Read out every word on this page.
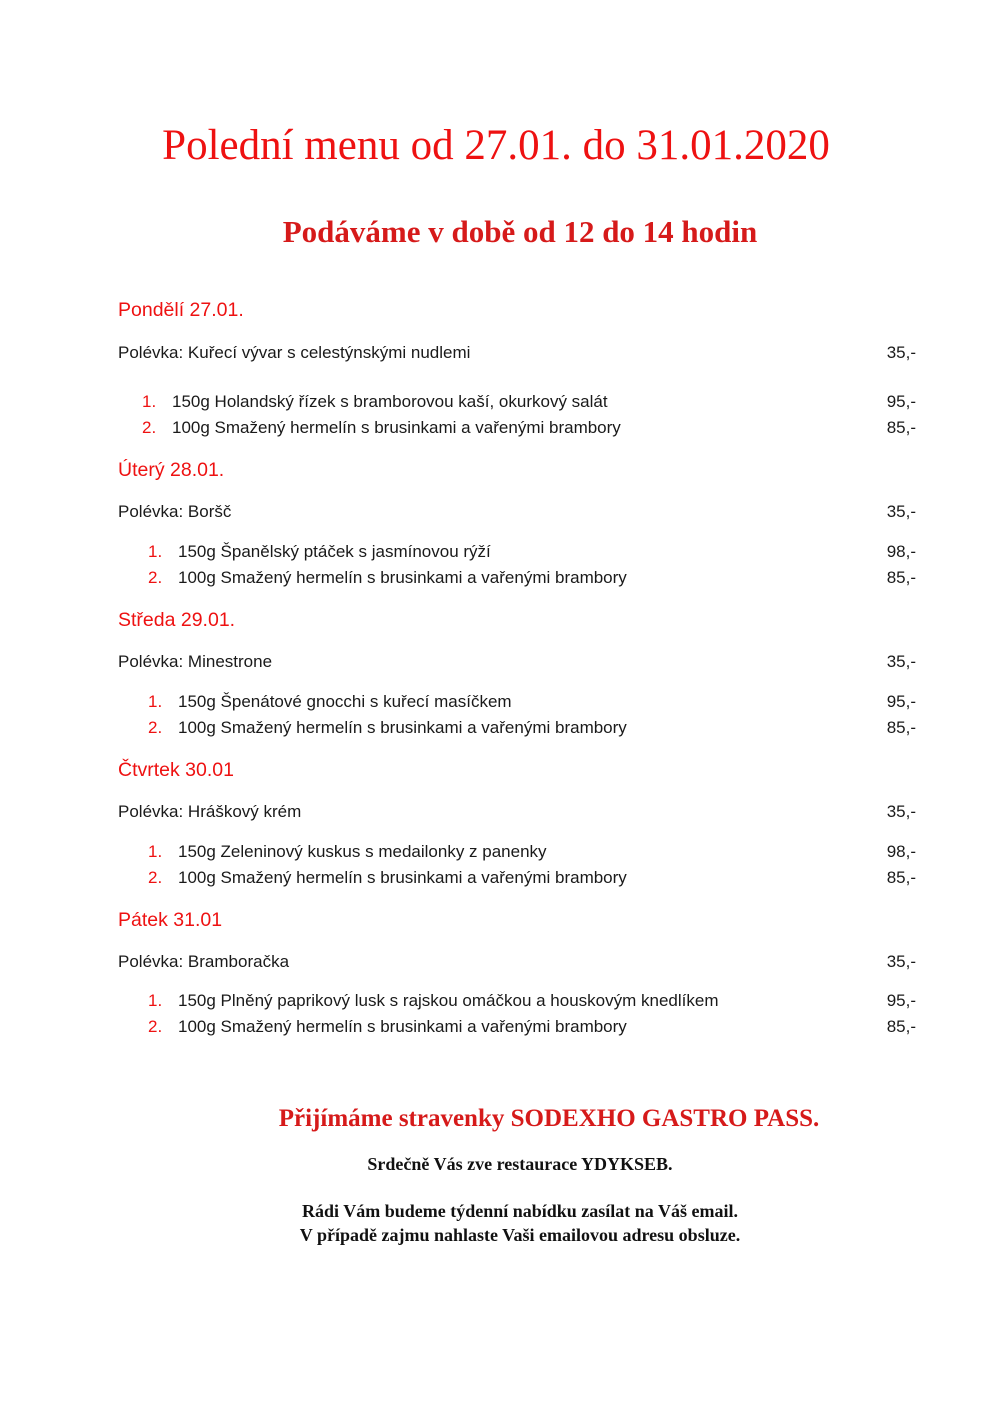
Polední menu od 27.01. do 31.01.2020
Podáváme v době od 12 do 14 hodin
Pondělí 27.01.
Polévka: Kuřecí vývar s celestýnskými nudlemi	35,-
1. 150g Holandský řízek s bramborovou kaší, okurkový salát	95,-
2. 100g Smažený hermelín s brusinkami a vařenými brambory	85,-
Úterý 28.01.
Polévka: Boršč	35,-
1. 150g Španělský ptáček s jasmínovou rýží	98,-
2. 100g Smažený hermelín s brusinkami a vařenými brambory	85,-
Středa 29.01.
Polévka: Minestrone	35,-
1. 150g Špenátové gnocchi s kuřecí masíčkem	95,-
2. 100g Smažený hermelín s brusinkami a vařenými brambory	85,-
Čtvrtek 30.01
Polévka: Hráškový krém	35,-
1. 150g Zeleninový kuskus s medailonky z panenky	98,-
2. 100g Smažený hermelín s brusinkami a vařenými brambory	85,-
Pátek 31.01
Polévka: Bramboračka	35,-
1. 150g Plněný paprikový lusk s rajskou omáčkou a houskovým knedlíkem	95,-
2. 100g Smažený hermelín s brusinkami a vařenými brambory	85,-
Přijímáme stravenky SODEXHO GASTRO PASS.
Srdečně Vás zve restaurace YDYKSEB.
Rádi Vám budeme týdenní nabídku zasílat na Váš email.
V případě zajmu nahlaste Vaši emailovou adresu obsluze.
